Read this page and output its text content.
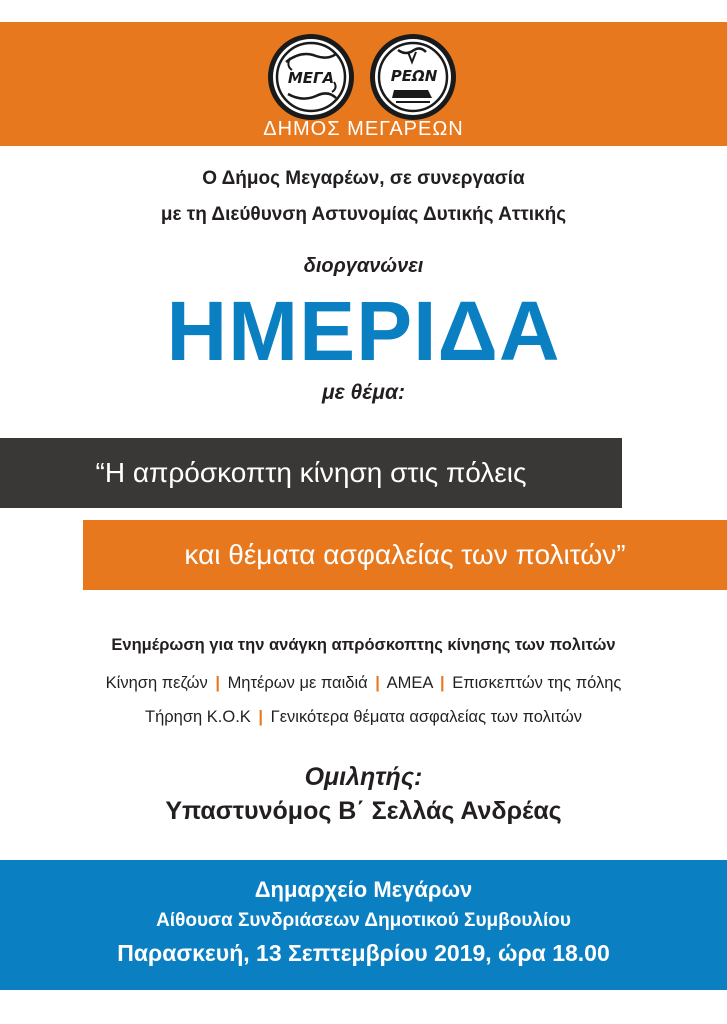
ΜΕΓΑ	ΡΕΩΝ
ΔΗΜΟΣ ΜΕΓΑΡΕΩΝ
Ο Δήμος Μεγαρέων, σε συνεργασία
με τη Διεύθυνση Αστυνομίας Δυτικής Αττικής
διοργανώνει
ΗΜΕΡΙΔΑ
με θέμα:
“Η απρόσκοπτη κίνηση στις πόλεις
και θέματα ασφαλείας των πολιτών”
Ενημέρωση για την ανάγκη απρόσκοπτης κίνησης των πολιτών
Κίνηση πεζών | Μητέρων με παιδιά | ΑΜΕΑ | Επισκεπτών της πόλης
Τήρηση Κ.Ο.Κ | Γενικότερα θέματα ασφαλείας των πολιτών
Ομιλητής:
Υπαστυνόμος Β΄ Σελλάς Ανδρέας
Δημαρχείο Μεγάρων
Αίθουσα Συνδριάσεων Δημοτικού Συμβουλίου
Παρασκευή, 13 Σεπτεμβρίου 2019, ώρα 18.00
